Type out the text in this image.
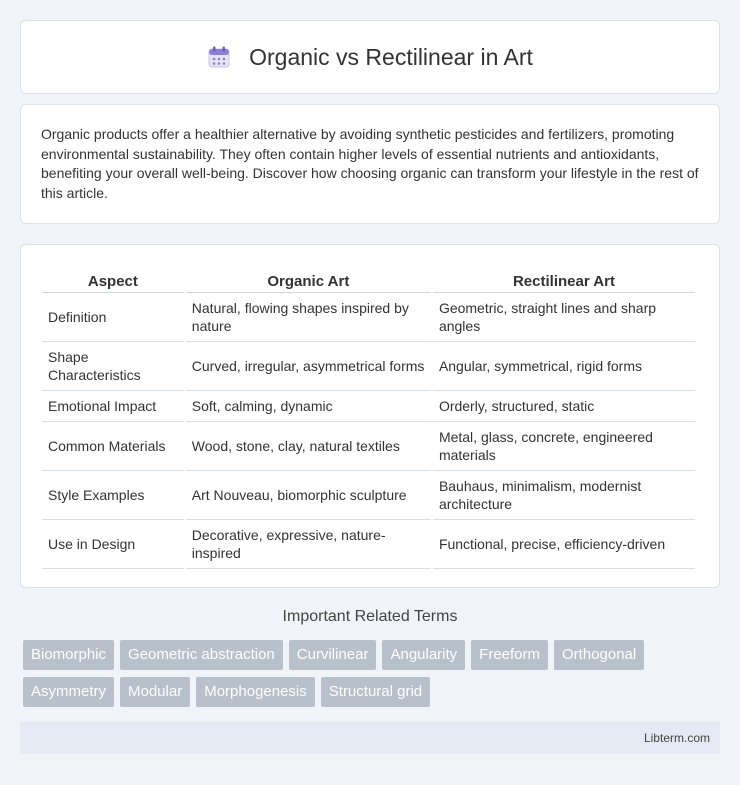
Organic vs Rectilinear in Art

Organic products offer a healthier alternative by avoiding synthetic pesticides and fertilizers, promoting environmental sustainability. They often contain higher levels of essential nutrients and antioxidants, benefiting your overall well-being. Discover how choosing organic can transform your lifestyle in the rest of this article.

Aspect	Organic Art	Rectilinear Art
Definition	Natural, flowing shapes inspired by nature	Geometric, straight lines and sharp angles
Shape Characteristics	Curved, irregular, asymmetrical forms	Angular, symmetrical, rigid forms
Emotional Impact	Soft, calming, dynamic	Orderly, structured, static
Common Materials	Wood, stone, clay, natural textiles	Metal, glass, concrete, engineered materials
Style Examples	Art Nouveau, biomorphic sculpture	Bauhaus, minimalism, modernist architecture
Use in Design	Decorative, expressive, nature-inspired	Functional, precise, efficiency-driven
Important Related Terms
Biomorphic	Geometric abstraction	Curvilinear	Angularity	Freeform	Orthogonal
Asymmetry	Modular	Morphogenesis	Structural grid
Libterm.com
